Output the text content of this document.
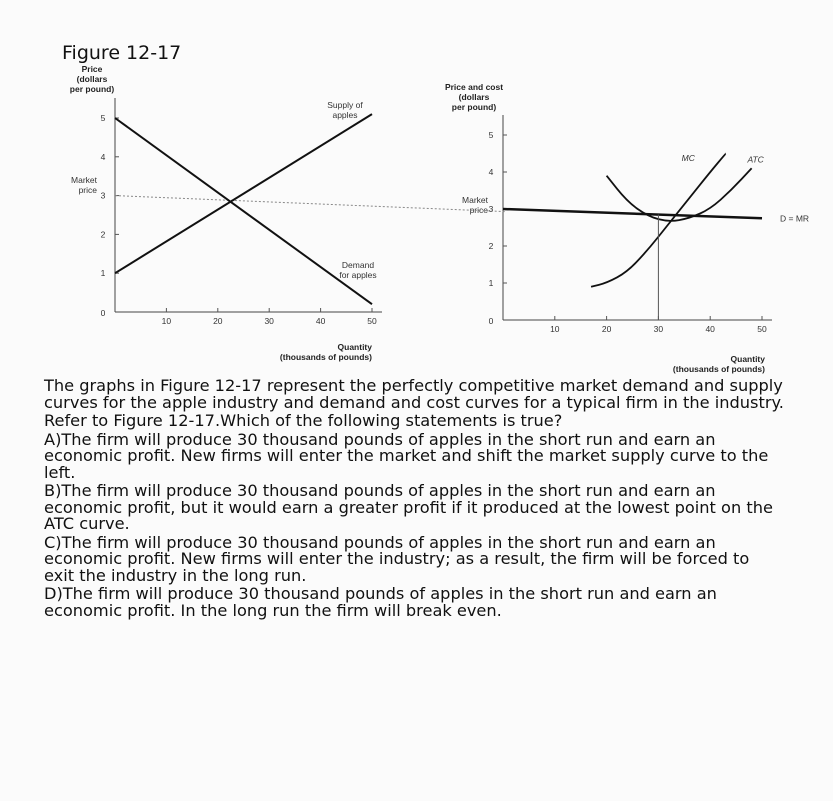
Figure 12-17
5
4
3
2
1
0
10	20	30	40	50
Price
(dollars
per pound)
Quantity
(thousands of pounds)
Market
price
5
4
3
2
1
0
10	20	30	40	50
Price and cost
(dollars
per pound)
Quantity
(thousands of pounds)
Market
price
Supply of
apples
Demand
for apples
D = MR
MC	ATC

The graphs in Figure 12-17 represent the perfectly competitive market demand and supply curves for the apple industry and demand and cost curves for a typical firm in the industry.

Refer to Figure 12-17.Which of the following statements is true?

A)The firm will produce 30 thousand pounds of apples in the short run and earn an economic profit. New firms will enter the market and shift the market supply curve to the left.

B)The firm will produce 30 thousand pounds of apples in the short run and earn an economic profit, but it would earn a greater profit if it produced at the lowest point on the ATC curve.

C)The firm will produce 30 thousand pounds of apples in the short run and earn an economic profit. New firms will enter the industry; as a result, the firm will be forced to exit the industry in the long run.

D)The firm will produce 30 thousand pounds of apples in the short run and earn an economic profit. In the long run the firm will break even.
